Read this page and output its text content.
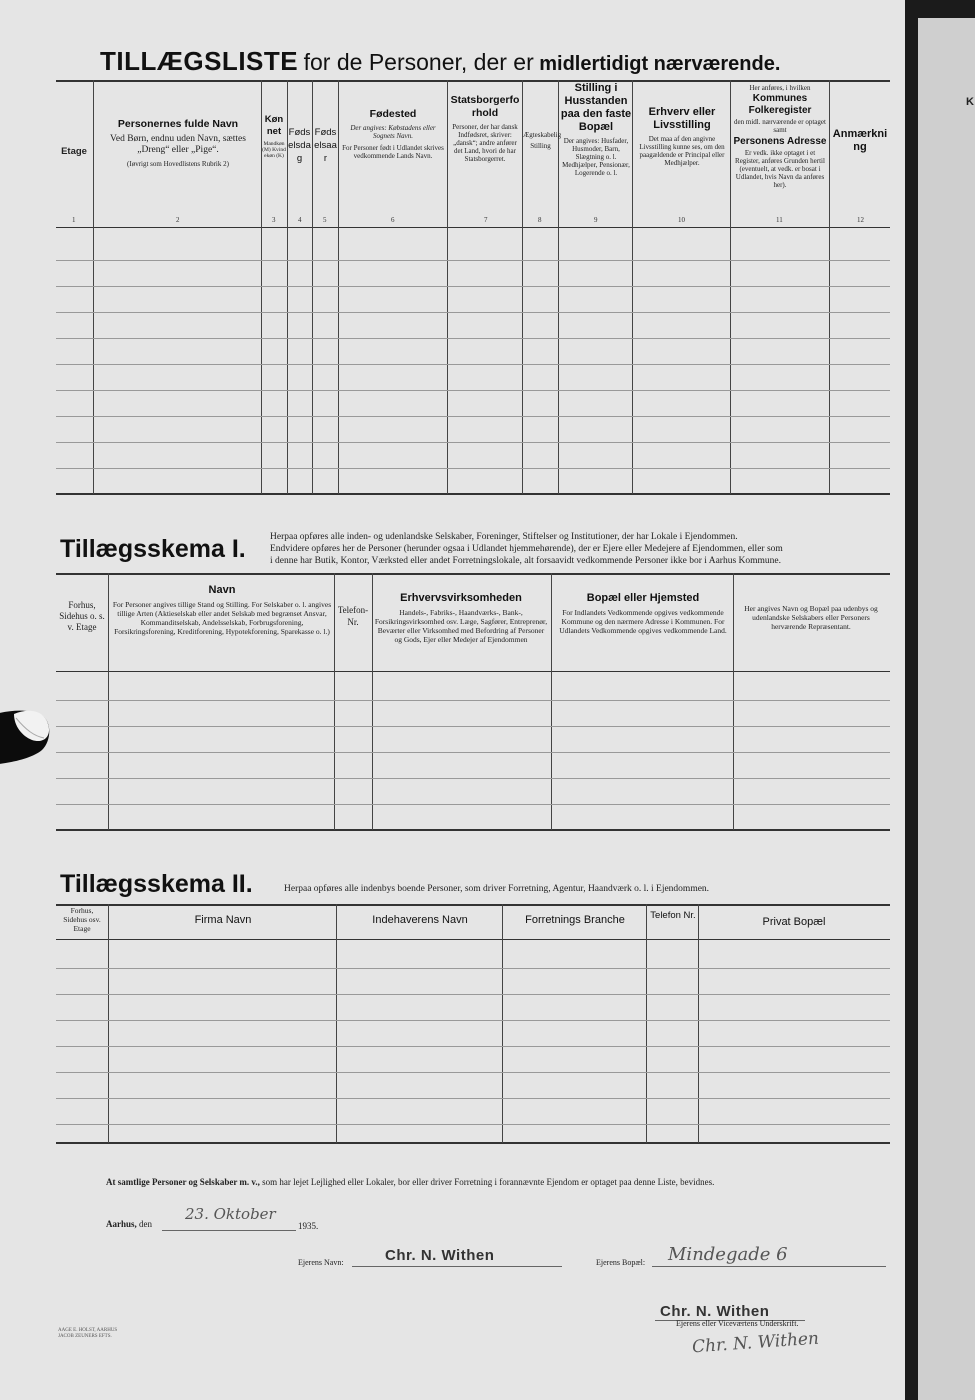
TILLÆGSLISTE for de Personer, der er midlertidigt nærværende.
Etage
Personernes fulde Navn
Ved Børn, endnu uden Navn, sættes „Dreng“ eller „Pige“.
(Iøvrigt som Hovedlistens Rubrik 2)
Kønnet
Mandkøn (M) Kvindekøn (K)
Fødselsdag
Fødselsaar
Fødested
Der angives: Købstadens eller Sognets Navn.
For Personer født i Udlandet skrives vedkommende Lands Navn.
Statsborgerforhold
Personer, der har dansk Indfødsret, skriver: „dansk“; andre anfører det Land, hvori de har Statsborgerret.
Ægteskabelig Stilling
Stilling i Husstanden paa den faste Bopæl
Der angives: Husfader, Husmoder, Barn, Slægtning o. l. Medhjælper, Pensionær, Logerende o. l.
Erhverv eller Livsstilling
Det maa af den angivne Livsstilling kunne ses, om den paagældende er Principal eller Medhjælper.
Her anføres, i hvilken
Kommunes Folkeregister
den midl. nærværende er optaget samt
Personens Adresse
Er vedk. ikke optaget i et Register, anføres Grunden hertil (eventuelt, at vedk. er bosat i Udlandet, hvis Navn da anføres her).
Anmærkning
1	2	3	4	5	6	7	8	9	10	11	12
Tillægsskema I.	Herpaa opføres alle inden- og udenlandske Selskaber, Foreninger, Stiftelser og Institutioner, der har Lokale i Ejendommen.
Endvidere opføres her de Personer (herunder ogsaa i Udlandet hjemmehørende), der er Ejere eller Medejere af Ejendommen, eller som
i denne har Butik, Kontor, Værksted eller andet Forretningslokale, alt forsaavidt vedkommende Personer ikke bor i Aarhus Kommune.
Forhus, Sidehus o. s. v. Etage
Navn
For Personer angives tillige Stand og Stilling. For Selskaber o. l. angives tillige Arten (Aktieselskab eller andet Selskab med begrænset Ansvar, Kommanditselskab, Andelsselskab, Forbrugsforening, Forsikringsforening, Kreditforening, Hypotekforening, Sparekasse o. l.)
Telefon-Nr.
Erhvervsvirksomheden
Handels-, Fabriks-, Haandværks-, Bank-, Forsikringsvirksomhed osv. Læge, Sagfører, Entreprenør, Beværter eller Virksomhed med Befordring af Personer og Gods, Ejer eller Medejer af Ejendommen
Bopæl eller Hjemsted
For Indlandets Vedkommende opgives vedkommende Kommune og den nærmere Adresse i Kommunen. For Udlandets Vedkommende opgives vedkommende Land.
Her angives Navn og Bopæl paa udenbys og udenlandske Selskabers eller Personers herværende Repræsentant.
Tillægsskema II.	Herpaa opføres alle indenbys boende Personer, som driver Forretning, Agentur, Haandværk o. l. i Ejendommen.
Forhus, Sidehus osv. Etage
Firma Navn	Indehaverens Navn	Forretnings Branche	Telefon Nr.
Privat Bopæl
At samtlige Personer og Selskaber m. v., som har lejet Lejlighed eller Lokaler, bor eller driver Forretning i forannævnte Ejendom er optaget paa denne Liste, bevidnes.
Aarhus, den
23. Oktober
1935.
Ejerens Navn:	Chr. N. Withen	Ejerens Bopæl: Mindegade 6
Chr. N. Withen
Ejerens eller Viceværtens Underskrift.
Chr. N. Withen
AAGE E. HOLST, AARHUS JACOB ZEUNERS EFTS.
K
